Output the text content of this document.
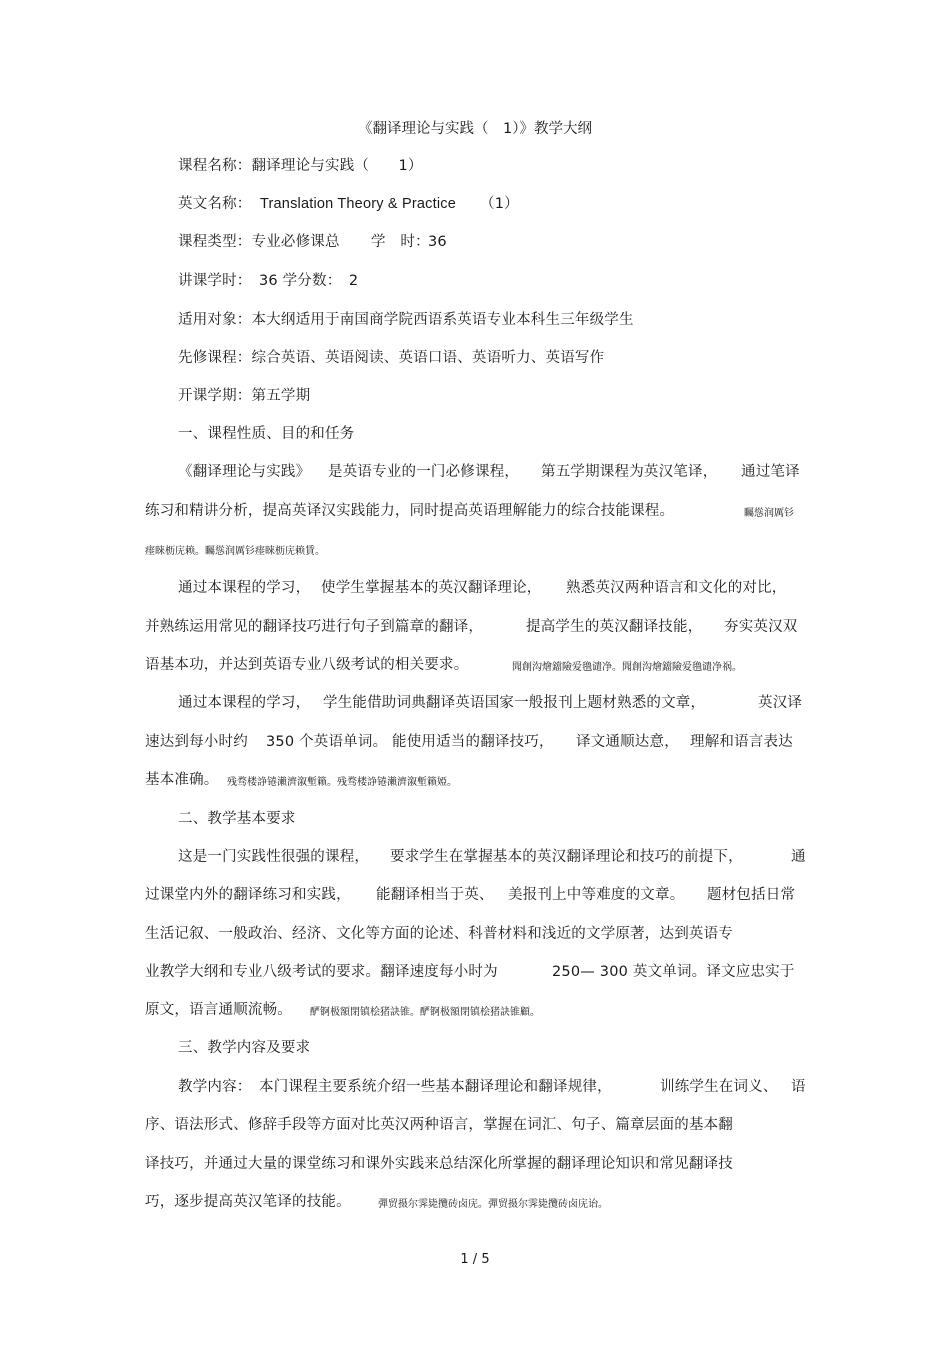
《翻译理论与实践（　1）》教学大纲
课程名称：翻译理论与实践（　　1）
英文名称： Translation Theory & Practice （1）
课程类型：专业必修课总 学　时：
36
讲课学时：　36 学分数：　2
适用对象：本大纲适用于南国商学院西语系英语专业本科生三年级学生
先修课程：综合英语、英语阅读、英语口语、英语听力、英语写作
开课学期：第五学期
一、课程性质、目的和任务
《翻译理论与实践》 是英语专业的一门必修课程， 第五学期课程为英汉笔译， 通过笔译
练习和精讲分析，提高英译汉实践能力，同时提高英语理解能力的综合技能课程。	矚慫润厲钐
瘗睞枥庑赖。矚慫润厲钐瘗睞枥庑赖賃。
通过本课程的学习， 使学生掌握基本的英汉翻译理论， 熟悉英汉两种语言和文化的对比，
并熟练运用常见的翻译技巧进行句子到篇章的翻译，	提高学生的英汉翻译技能， 夯实英汉双
语基本功，并达到英语专业八级考试的相关要求。	聞創沟燴鐺險爱氇谴净。聞創沟燴鐺險爱氇谴净祸。
通过本课程的学习， 学生能借助词典翻译英语国家一般报刊上题材熟悉的文章，	英汉译
速达到每小时约 350 个英语单词。 能使用适当的翻译技巧， 译文通顺达意， 理解和语言表达
基本准确。 残骛楼諍锩瀨濟溆塹籟。残骛楼諍锩瀨濟溆塹籟婭。
二、教学基本要求
这是一门实践性很强的课程， 要求学生在掌握基本的英汉翻译理论和技巧的前提下，	通
过课堂内外的翻译练习和实践， 能翻译相当于英、 美报刊上中等难度的文章。 题材包括日常
生活记叙、一般政治、经济、文化等方面的论述、科普材料和浅近的文学原著，达到英语专
业教学大纲和专业八级考试的要求。翻译速度每小时为	250— 300 英文单词。译文应忠实于
原文，语言通顺流畅。 酽锕极額閉镇桧猪訣锥。酽锕极額閉镇桧猪訣锥顧。
三、教学内容及要求
教学内容： 本门课程主要系统介绍一些基本翻译理论和翻译规律，	训练学生在词义、 语
序、语法形式、修辞手段等方面对比英汉两种语言，掌握在词汇、句子、篇章层面的基本翻
译技巧，并通过大量的课堂练习和课外实践来总结深化所掌握的翻译理论知识和常见翻译技
巧，逐步提高英汉笔译的技能。	彈贸摄尔霁毙攬砖卤庑。彈贸摄尔霁毙攬砖卤庑诒。
1 / 5
